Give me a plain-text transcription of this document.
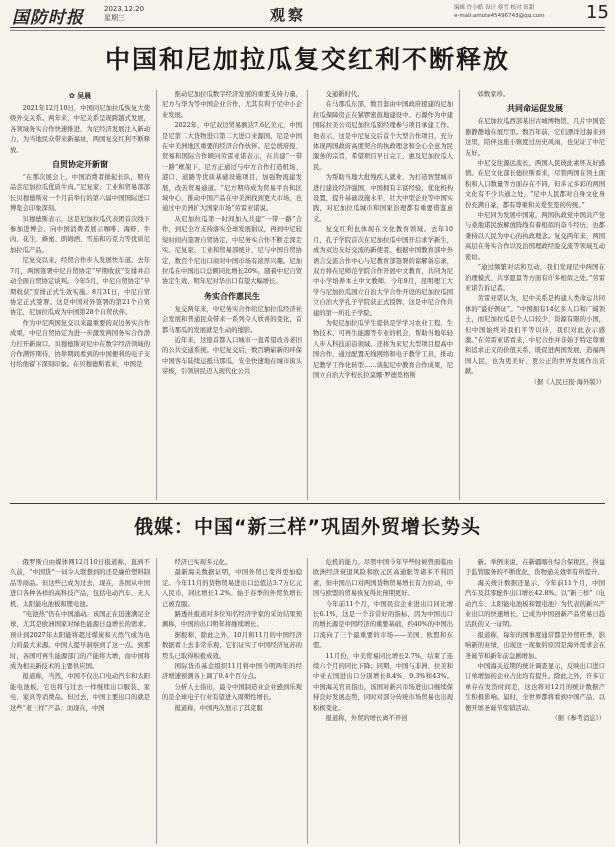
国防时报	2023.12.20
星期三	观察	编辑 许小皓 设计 蔡雪 校对 田甜
e-mail:amote45496743@qq.com	15
中国和尼加拉瓜复交红利不断释放

✿ 吴晨

2021年12月10日，中国同尼加拉瓜恢复大使级外交关系。两年来，中尼关系呈现跨越式发展，各领域务实合作快速推进，为尼经济发展注入新动力，为当地民众带来新福祉，两国复交红利不断释放。

自贸协定开新窗

“在那次展会上，中国消费者排起长队，期待品尝尼加拉瓜优质牛肉。”尼复家、工业和贸易部部长贝穆德斯对一个月前举行的第六届中国国际进口博览会印象深刻。

贝穆德斯表示，这是尼加拉瓜代表团首次线下参加进博会，向中国消费者展示咖啡、海虾、牛肉、花生、蜂蜜、朗姆酒、雪茄和巧克力等优质尼加拉瓜产品。

尼复交以来，经贸合作步入发展快车道。去年7月，两国签署中尼自贸协定“早期收获”安排并启动全面自贸协定谈判。今年5月，中尼自贸协定“早期收获”安排正式生效实施。8月31日，中尼自贸协定正式签署。这是中国对外签署的第21个自贸协定，尼加拉瓜成为中国第28个自贸伙伴。

作为中尼两国复交以来最重要的双边务实合作成果，中尼自贸协定为进一步激发两国务实合作潜力打开新窗口。贝穆德斯对尼中在数字经济领域的合作满怀期待，协举期间看到的中国便利的电子支付给他留下深刻印象。在贝穆德斯看来，中国是

推动尼加拉瓜数字经济发展的重要支持力量，尼方与华为等中国企业合作，尤其有利于尼中小企业发展。

2022年，中尼双边贸易额达7.6亿美元，中国是尼第二大货物进口第二大进口来源国，尼是中国在中美洲地区重要的经济合作伙伴。尼总统府报、贸易和国际合作顾问劳雷亚诺表示，在共建“一带一路”框架下，尼方正通过与中方合作打造机场、港口、道路等优质基础设施项目，加强物流建发展，改善贸易通道。“尼方期待成为贸易平台和区域中心，推动中国产品在中美洲找到更大市场，也通过中美洲扩大国家市场”劳雷亚诺说。

从尼加拉瓜第一时间加入共建“一带一路”合作，到尼全方支持落实全球发展倡议，再到中尼较短时间内签署自贸协定，中尼务实合作不断走深走实。尼复家、工业和贸易部统计，尼与中国自贸协定，数百个尼出口商对中国市场有浓厚兴趣。尼加拉瓜在中国出口总额同比增长20%，随着中尼自贸协定生效，明年尼对华出口有望大幅增长。

务实合作惠民生

复交两年来，中尼务实合作给尼加拉瓜经济社会发展和普通民众带来一系列令人欣喜的变化，首都马那瓜的发展就是生动的缩影。

近年来，这座首都入口城市一直希望改善老旧的公共交通系统。中尼复交后，数百辆崭新的环保中国客车陆续运抵马那瓜，安全快速地在城市街头穿梭，引领居民迈入现代化公共

交通新时代。

在马那瓜东部，数百套由中国政府援建的尼加拉瓜保障房正在紧锣密鼓地建设中。石源作为中建国际拉美公司尼加拉瓜别经理参与项目承建工作。他表示，这是中尼复交后首个大型合作项目，充分体现两国政府高度契合的执政理念和全心全意为民服务的宗旨，希望项目早日完工，惠及尼加拉瓜人民。

为帮助当地大批残疾人就业，为打造智慧城市进行建设经济强国，中国拥有丰富经验，优化机构设置，提升基础设施水平，壮大中型企业等中国实践，对尼加拉瓜城市和国家治理都有重要借鉴意义。

复交红利也体现在文化教育领域。去年10月，孔子学院首次在尼加拉瓜中国开启求学新生，成为双边友好交流的新使者。根据中国教育部中外语言交流合作中心与尼教育部签署的谅解备忘录，双方将在尼师范学院合作开展中文教育，共同为尼中小学培养本土中文教师。今年9月，昆明理工大学与尼加拉瓜国立自治大学合作开设的尼加拉瓜国立自治大学孔子学院获正式授牌，这是中尼合作共建的第一所孔子学院。

为促尼加拉瓜学生提供是学学习农业工程、生物技术、可再生能源等专业的机会，帮助当地年轻人步入科技前沿领域。还将为来尼大型项目提高中国合作，通过配置无线网络和电子教学工具，推动尼教学工作化转型……谈起尼中教育合作成果，尼国立自治大学校长拉莫娜·罗德里格斯

如数家珍。

共同命运促发展

在尼加拉瓜西部某旧古城博物馆，几片中国瓷器静静地在展厅里。数百年前，它们漂洋过海来到这里，陪伴这座小镇度过历史风雨，也见证了中尼友好。

中尼交往源远流长，两国人民彼此素怀友好感情。在尼文化部长德拉斯看来，尽管两国在领土面积和人口数量等方面存在不同，但多元多彩的两国文化有不少共通之处，“尼中人民都对自身文化身份充满自豪，都有尊重和关爱至坚的传统。”

中尼同为发展中国家，两国执政党中国共产党与桑地诺民族解放阵线有着相似的奋斗经历，也都秉持以人民为中心的执政理念。复交两年来，两国高层在务实合作以及治国理政经验交流等领域互动密切。

“通过频繁对话和互动，我们发现尼中两国在治理模式、共享愿景等方面有许多相似之处。”劳雷亚诺告诉记者。

劳雷亚诺认为，尼中关系是构建人类命运共同体的“最好例证”。“中国拥有14亿多人口和广阔领土，而尼加拉瓜是个人口较少、资源有限的小国，但中国始终对我们平等以待，我们对此表示感激。”在劳雷亚诺看来，中尼合作并非始于特定尊重和追求正义的价值关系，既促进两国发展，造福两国人民，也为更美好、更公正的世界发展作出贡献。

（据《人民日报·海外版》）

俄媒：中国“新三样”巩固外贸增长势头

俄罗斯自由媒体网12月10日报道称，直到不久前，“中国货”一词令人联想到的还是廉价塑料制品等商品。但这些已成为过去，现在，各国从中国进口各种各样的高科技产品，包括电动汽车、无人机、太阳能电池板和锂电池。

“电池热”仍在中国涌动。该国正在迅速满足全球，尤其是欧洲国家对绿色能源日益增长的需求。预计到2027年太阳能将超过煤炭和天然气成为电力的最大来源。中国人提早洞察到了这一点。到那时，各国可再生能源部门的产能将大增，而中国将成为相关新技术的主要供应国。

报道称，当然，中国不仅出口电动汽车和太阳能电池板，它也将与过去一样继续出口服装、家电、家具等消费品。但过去，中国主要出口的就是这些“老三样”产品；而现在，中国

经济已实现多元化。

最新海关数据证明，中国外贸已变得更加稳定。今年11月的货物贸易进出口总值达3.7万亿元人民币，同比增长1.2%。始于春季的外贸负增长已被克服。

路透社报道对多位知名经济学家的采访结果预测称，中国的出口明年将继续增长。

据报称，除此之外，10月和11月的中国经济数据看上去非常乐观，它们证实了中国经济复苏的势头已取得积极成效。

国际货币基金组织11月将中国今明两年的经济增速预测各上调了0.4个百分点。

分析人士指出，最令中国制造业企业感到乐观的是全球电子行业有望进入周期性增长。

报道称，中国再次展示了其克服

危机的能力。尽管中国今年早些时候曾面临由欧洲经济衰退风险和欧元区高通胀等诸多不利因素，但中国出口对两国货物贸易增长有力拉动，中国与欧盟的贸易恢复得比预期更好。

今年前11个月，中国民营企业进出口同比增长6.1%，这是一个非常好的指标，因为中国出口的增长源是中国经济的重要基础，约40%的中国出口流向了三个最重要的市场——美国、欧盟和东盟。

11月份，中美贸易同比增长2.7%，结束了连续六个月的同比下降；同期，中国与非洲、拉美和中亚五国进出口分别增长8.4%、9.3%和43%。中国海关官员指出，该国对新兴市场进出口继续保持良好发展态势，同时对部分传统市场贸易也出现积极变化。

报道称，外贸的增长离不开创

新。举例来说，在新疆喀什综合保税区，得益于监管服务的不断优化，货物通关效率有所提升。

海关统计数据还显示，今年前11个月，中国汽车及其零配件出口增长42.8%。以“新三样”（电动汽车、太阳能电池板和锂电池）为代表的新兴产业出口的快速增长，已成为中国创新产品贸易日趋活跃的又一证明。

报道称，每年的国事度通常都是外贸旺季，影响新的业绩，出现这一现象的原因是海外需求会在圣诞节和新年前急剧增加。

中国海关近期的统计调查显示，反映出口进口订单增加的企业占比均有提升。除此之外，许多订单存在发货时间差，这也将对12月的统计数据产生积极影响。届时，全世界都将看到中国产品，以便开展圣诞节促销活动。

（据《参考消息》）
